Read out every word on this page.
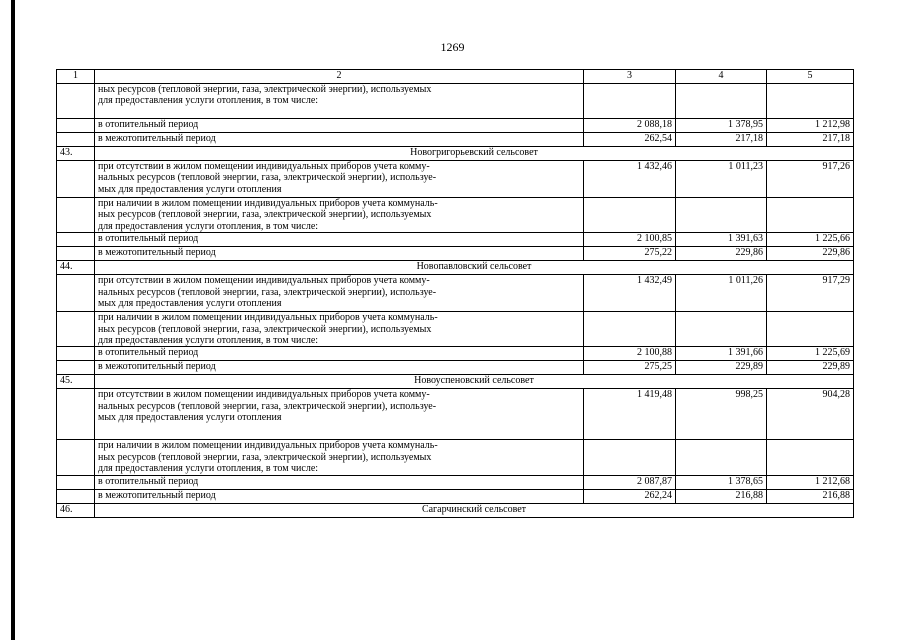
1269
1	2	3	4	5
	ных ресурсов (тепловой энергии, газа, электрической энергии), используемых
для предоставления услуги отопления, в том числе:			
	в отопительный период	2 088,18	1 378,95	1 212,98
	в межотопительный период	262,54	217,18	217,18
43.	Новогригорьевский сельсовет			
	при отсутствии в жилом помещении индивидуальных приборов учета комму-
нальных ресурсов (тепловой энергии, газа, электрической энергии), используе-
мых для предоставления услуги отопления	1 432,46	1 011,23	917,26
	при наличии в жилом помещении индивидуальных приборов учета коммуналь-
ных ресурсов (тепловой энергии, газа, электрической энергии), используемых
для предоставления услуги отопления, в том числе:			
	в отопительный период	2 100,85	1 391,63	1 225,66
	в межотопительный период	275,22	229,86	229,86
44.	Новопавловский сельсовет			
	при отсутствии в жилом помещении индивидуальных приборов учета комму-
нальных ресурсов (тепловой энергии, газа, электрической энергии), используе-
мых для предоставления услуги отопления	1 432,49	1 011,26	917,29
	при наличии в жилом помещении индивидуальных приборов учета коммуналь-
ных ресурсов (тепловой энергии, газа, электрической энергии), используемых
для предоставления услуги отопления, в том числе:			
	в отопительный период	2 100,88	1 391,66	1 225,69
	в межотопительный период	275,25	229,89	229,89
45.	Новоуспеновский сельсовет			
	при отсутствии в жилом помещении индивидуальных приборов учета комму-
нальных ресурсов (тепловой энергии, газа, электрической энергии), используе-
мых для предоставления услуги отопления	1 419,48	998,25	904,28
	при наличии в жилом помещении индивидуальных приборов учета коммуналь-
ных ресурсов (тепловой энергии, газа, электрической энергии), используемых
для предоставления услуги отопления, в том числе:			
	в отопительный период	2 087,87	1 378,65	1 212,68
	в межотопительный период	262,24	216,88	216,88
46.	Сагарчинский сельсовет			
